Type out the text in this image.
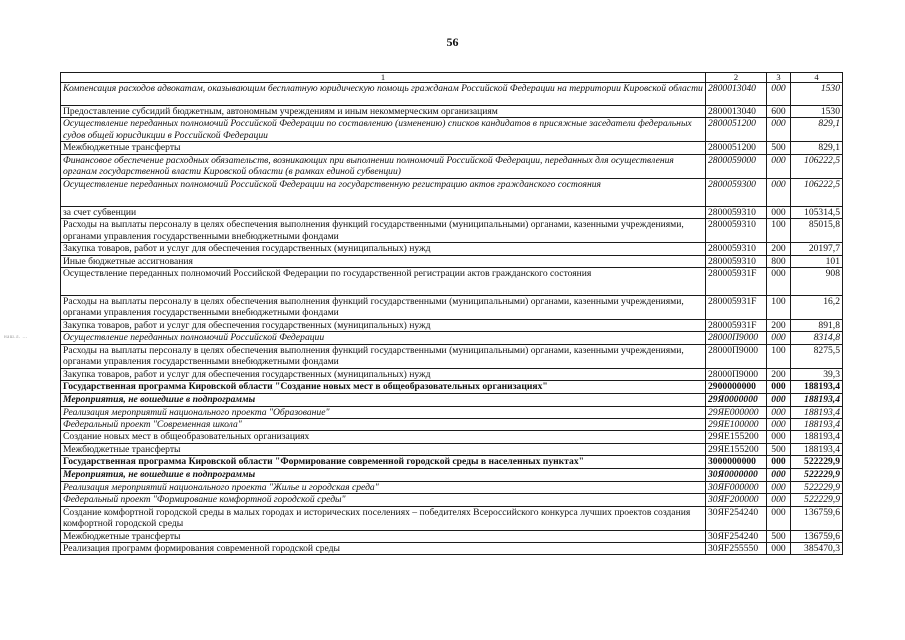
56
наш.л. ...
1	2	3	4
Компенсация расходов адвокатам, оказывающим бесплатную юридическую помощь гражданам Российской Федерации на территории Кировской области	2800013040	000	1530
Предоставление субсидий бюджетным, автономным учреждениям и иным некоммерческим организациям	2800013040	600	1530
Осуществление переданных полномочий Российской Федерации по составлению (изменению) списков кандидатов в присяжные заседатели федеральных судов общей юрисдикции в Российской Федерации	2800051200	000	829,1
Межбюджетные трансферты	2800051200	500	829,1
Финансовое обеспечение расходных обязательств, возникающих при выполнении полномочий Российской Федерации, переданных для осуществления органам государственной власти Кировской области (в рамках единой субвенции)	2800059000	000	106222,5
Осуществление переданных полномочий Российской Федерации на государственную регистрацию актов гражданского состояния	2800059300	000	106222,5
за счет субвенции	2800059310	000	105314,5
Расходы на выплаты персоналу в целях обеспечения выполнения функций государственными (муниципальными) органами, казенными учреждениями, органами управления государственными внебюджетными фондами	2800059310	100	85015,8
Закупка товаров, работ и услуг для обеспечения государственных (муниципальных) нужд	2800059310	200	20197,7
Иные бюджетные ассигнования	2800059310	800	101
Осуществление переданных полномочий Российской Федерации по государственной регистрации актов гражданского состояния	280005931F	000	908
Расходы на выплаты персоналу в целях обеспечения выполнения функций государственными (муниципальными) органами, казенными учреждениями, органами управления государственными внебюджетными фондами	280005931F	100	16,2
Закупка товаров, работ и услуг для обеспечения государственных (муниципальных) нужд	280005931F	200	891,8
Осуществление переданных полномочий Российской Федерации	28000П9000	000	8314,8
Расходы на выплаты персоналу в целях обеспечения выполнения функций государственными (муниципальными) органами, казенными учреждениями, органами управления государственными внебюджетными фондами	28000П9000	100	8275,5
Закупка товаров, работ и услуг для обеспечения государственных (муниципальных) нужд	28000П9000	200	39,3
Государственная программа Кировской области "Создание новых мест в общеобразовательных организациях"	2900000000	000	188193,4
Мероприятия, не вошедшие в подпрограммы	29Я0000000	000	188193,4
Реализация мероприятий национального проекта "Образование"	29ЯЕ000000	000	188193,4
Федеральный проект "Современная школа"	29ЯЕ100000	000	188193,4
Создание новых мест в общеобразовательных организациях	29ЯЕ155200	000	188193,4
Межбюджетные трансферты	29ЯЕ155200	500	188193,4
Государственная программа Кировской области "Формирование современной городской среды в населенных пунктах"	3000000000	000	522229,9
Мероприятия, не вошедшие в подпрограммы	30Я0000000	000	522229,9
Реализация мероприятий национального проекта "Жилье и городская среда"	30ЯF000000	000	522229,9
Федеральный проект "Формирование комфортной городской среды"	30ЯF200000	000	522229,9
Создание комфортной городской среды в малых городах и исторических поселениях – победителях Всероссийского конкурса лучших проектов создания комфортной городской среды	30ЯF254240	000	136759,6
Межбюджетные трансферты	30ЯF254240	500	136759,6
Реализация программ формирования современной городской среды	30ЯF255550	000	385470,3
